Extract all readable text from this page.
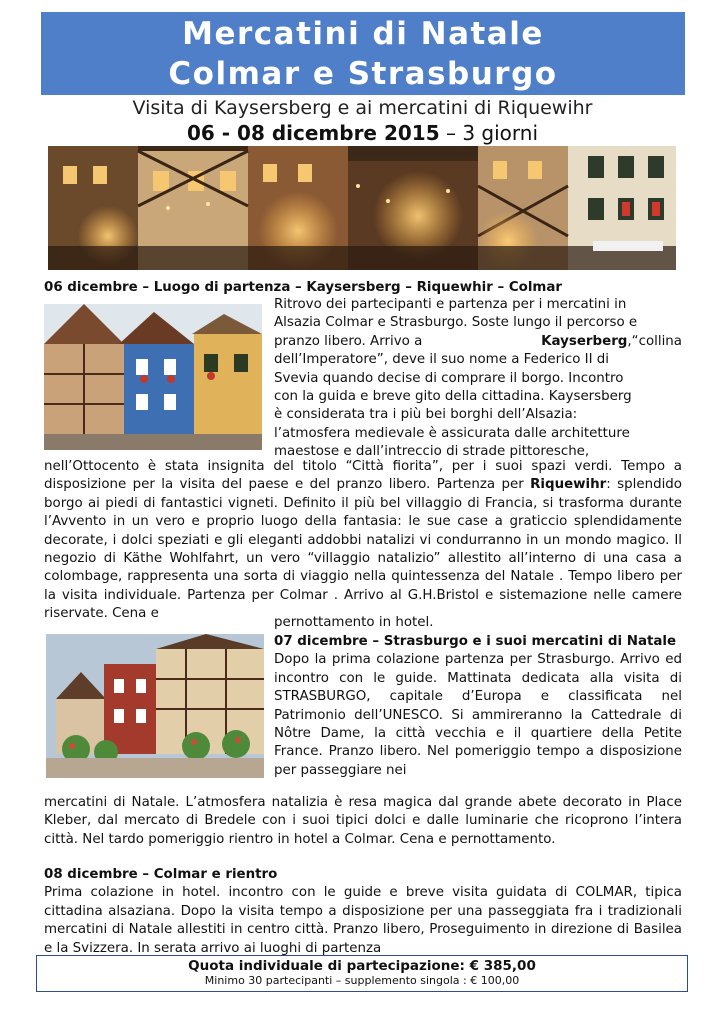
Mercatini di Natale
Colmar e Strasburgo
Visita di Kaysersberg e ai mercatini di Riquewihr
06 - 08 dicembre 2015 – 3 giorni
06 dicembre – Luogo di partenza – Kaysersberg – Riquewhir – Colmar
Ritrovo dei partecipanti e partenza per i mercatini in
Alsazia Colmar e Strasburgo. Soste lungo il percorso e
pranzo libero. Arrivo a	Kayserberg,“collina
dell’Imperatore”, deve il suo nome a Federico II di
Svevia quando decise di comprare il borgo. Incontro
con la guida e breve gito della cittadina. Kaysersberg
è considerata tra i più bei borghi dell’Alsazia:
l’atmosfera medievale è assicurata dalle architetture
maestose e dall’intreccio di strade pittoresche,

nell’Ottocento è stata insignita del titolo “Città fiorita”, per i suoi spazi verdi. Tempo a disposizione per la visita del paese e del pranzo libero. Partenza per Riquewihr: splendido borgo ai piedi di fantastici vigneti. Definito il più bel villaggio di Francia, si trasforma durante l’Avvento in un vero e proprio luogo della fantasia: le sue case a graticcio splendidamente decorate, i dolci speziati e gli eleganti addobbi natalizi vi condurranno in un mondo magico. Il negozio di Käthe Wohlfahrt, un vero “villaggio natalizio” allestito all’interno di una casa a colombage, rappresenta una sorta di viaggio nella quintessenza del Natale . Tempo libero per la visita individuale. Partenza per Colmar . Arrivo al G.H.Bristol e sistemazione nelle camere riservate. Cena e

pernottamento in hotel.
07 dicembre – Strasburgo e i suoi mercatini di Natale
Dopo la prima colazione partenza per Strasburgo. Arrivo ed incontro con le guide. Mattinata dedicata alla visita di STRASBURGO, capitale d’Europa e classificata nel Patrimonio dell’UNESCO. Si ammireranno la Cattedrale di Nôtre Dame, la città vecchia e il quartiere della Petite France. Pranzo libero. Nel pomeriggio tempo a disposizione per passeggiare nei

mercatini di Natale. L’atmosfera natalizia è resa magica dal grande abete decorato in Place Kleber, dal mercato di Bredele con i suoi tipici dolci e dalle luminarie che ricoprono l’intera città. Nel tardo pomeriggio rientro in hotel a Colmar. Cena e pernottamento.

08 dicembre – Colmar e rientro

Prima colazione in hotel. incontro con le guide e breve visita guidata di COLMAR, tipica cittadina alsaziana. Dopo la visita tempo a disposizione per una passeggiata fra i tradizionali mercatini di Natale allestiti in centro città. Pranzo libero, Proseguimento in direzione di Basilea e la Svizzera. In serata arrivo ai luoghi di partenza

Quota individuale di partecipazione: € 385,00
Minimo 30 partecipanti – supplemento singola : € 100,00
